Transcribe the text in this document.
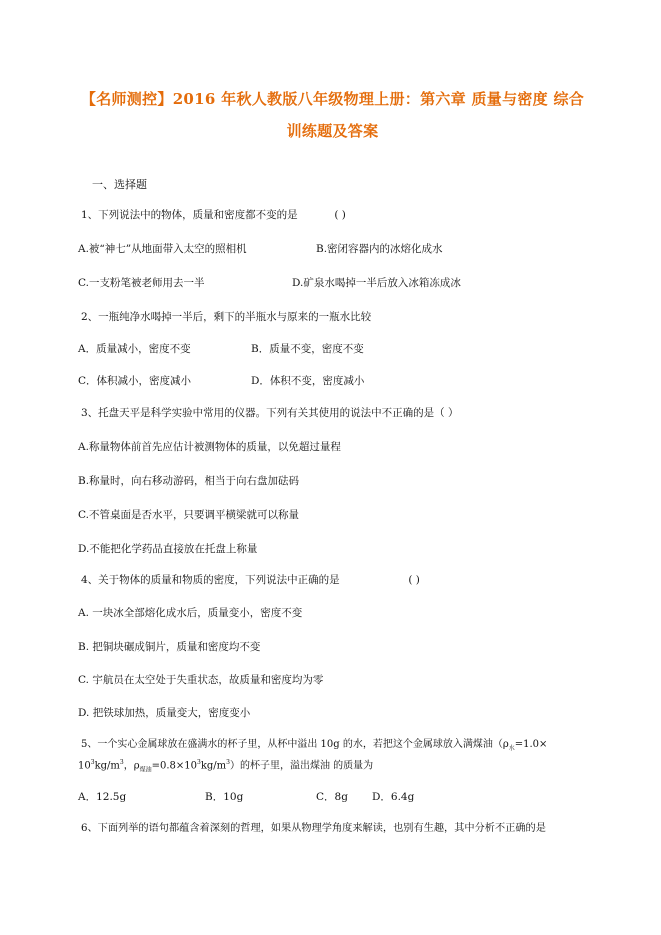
【名师测控】2016 年秋人教版八年级物理上册：第六章 质量与密度 综合
训练题及答案
一、选择题
1、下列说法中的物体，质量和密度都不变的是	( )
A.被“神七”从地面带入太空的照相机	B.密闭容器内的冰熔化成水
C.一支粉笔被老师用去一半	D.矿泉水喝掉一半后放入冰箱冻成冰
2、一瓶纯净水喝掉一半后，剩下的半瓶水与原来的一瓶水比较
A．质量减小，密度不变	B．质量不变，密度不变
C．体积减小，密度减小	D．体积不变，密度减小
3、托盘天平是科学实验中常用的仪器。下列有关其使用的说法中不正确的是（ ）
A.称量物体前首先应估计被测物体的质量，以免超过量程
B.称量时，向右移动游码，相当于向右盘加砝码
C.不管桌面是否水平，只要调平横梁就可以称量
D.不能把化学药品直接放在托盘上称量
4、关于物体的质量和物质的密度，下列说法中正确的是	( )
A. 一块冰全部熔化成水后，质量变小，密度不变
B. 把铜块碾成铜片，质量和密度均不变
C. 宇航员在太空处于失重状态，故质量和密度均为零
D. 把铁球加热，质量变大，密度变小
5、一个实心金属球放在盛满水的杯子里，从杯中溢出 10g 的水，若把这个金属球放入满煤油（$\rho_水=1.0\times$
$10^3kg/m^3$，$\rho_{煤油}=0.8\times 10^3kg/m^3$）的杯子里，溢出煤油 的质量为
A．12.5g	B．10g	C．8g D．6.4g
6、下面列举的语句都蕴含着深刻的哲理，如果从物理学角度来解读，也别有生趣，其中分析不正确的是
